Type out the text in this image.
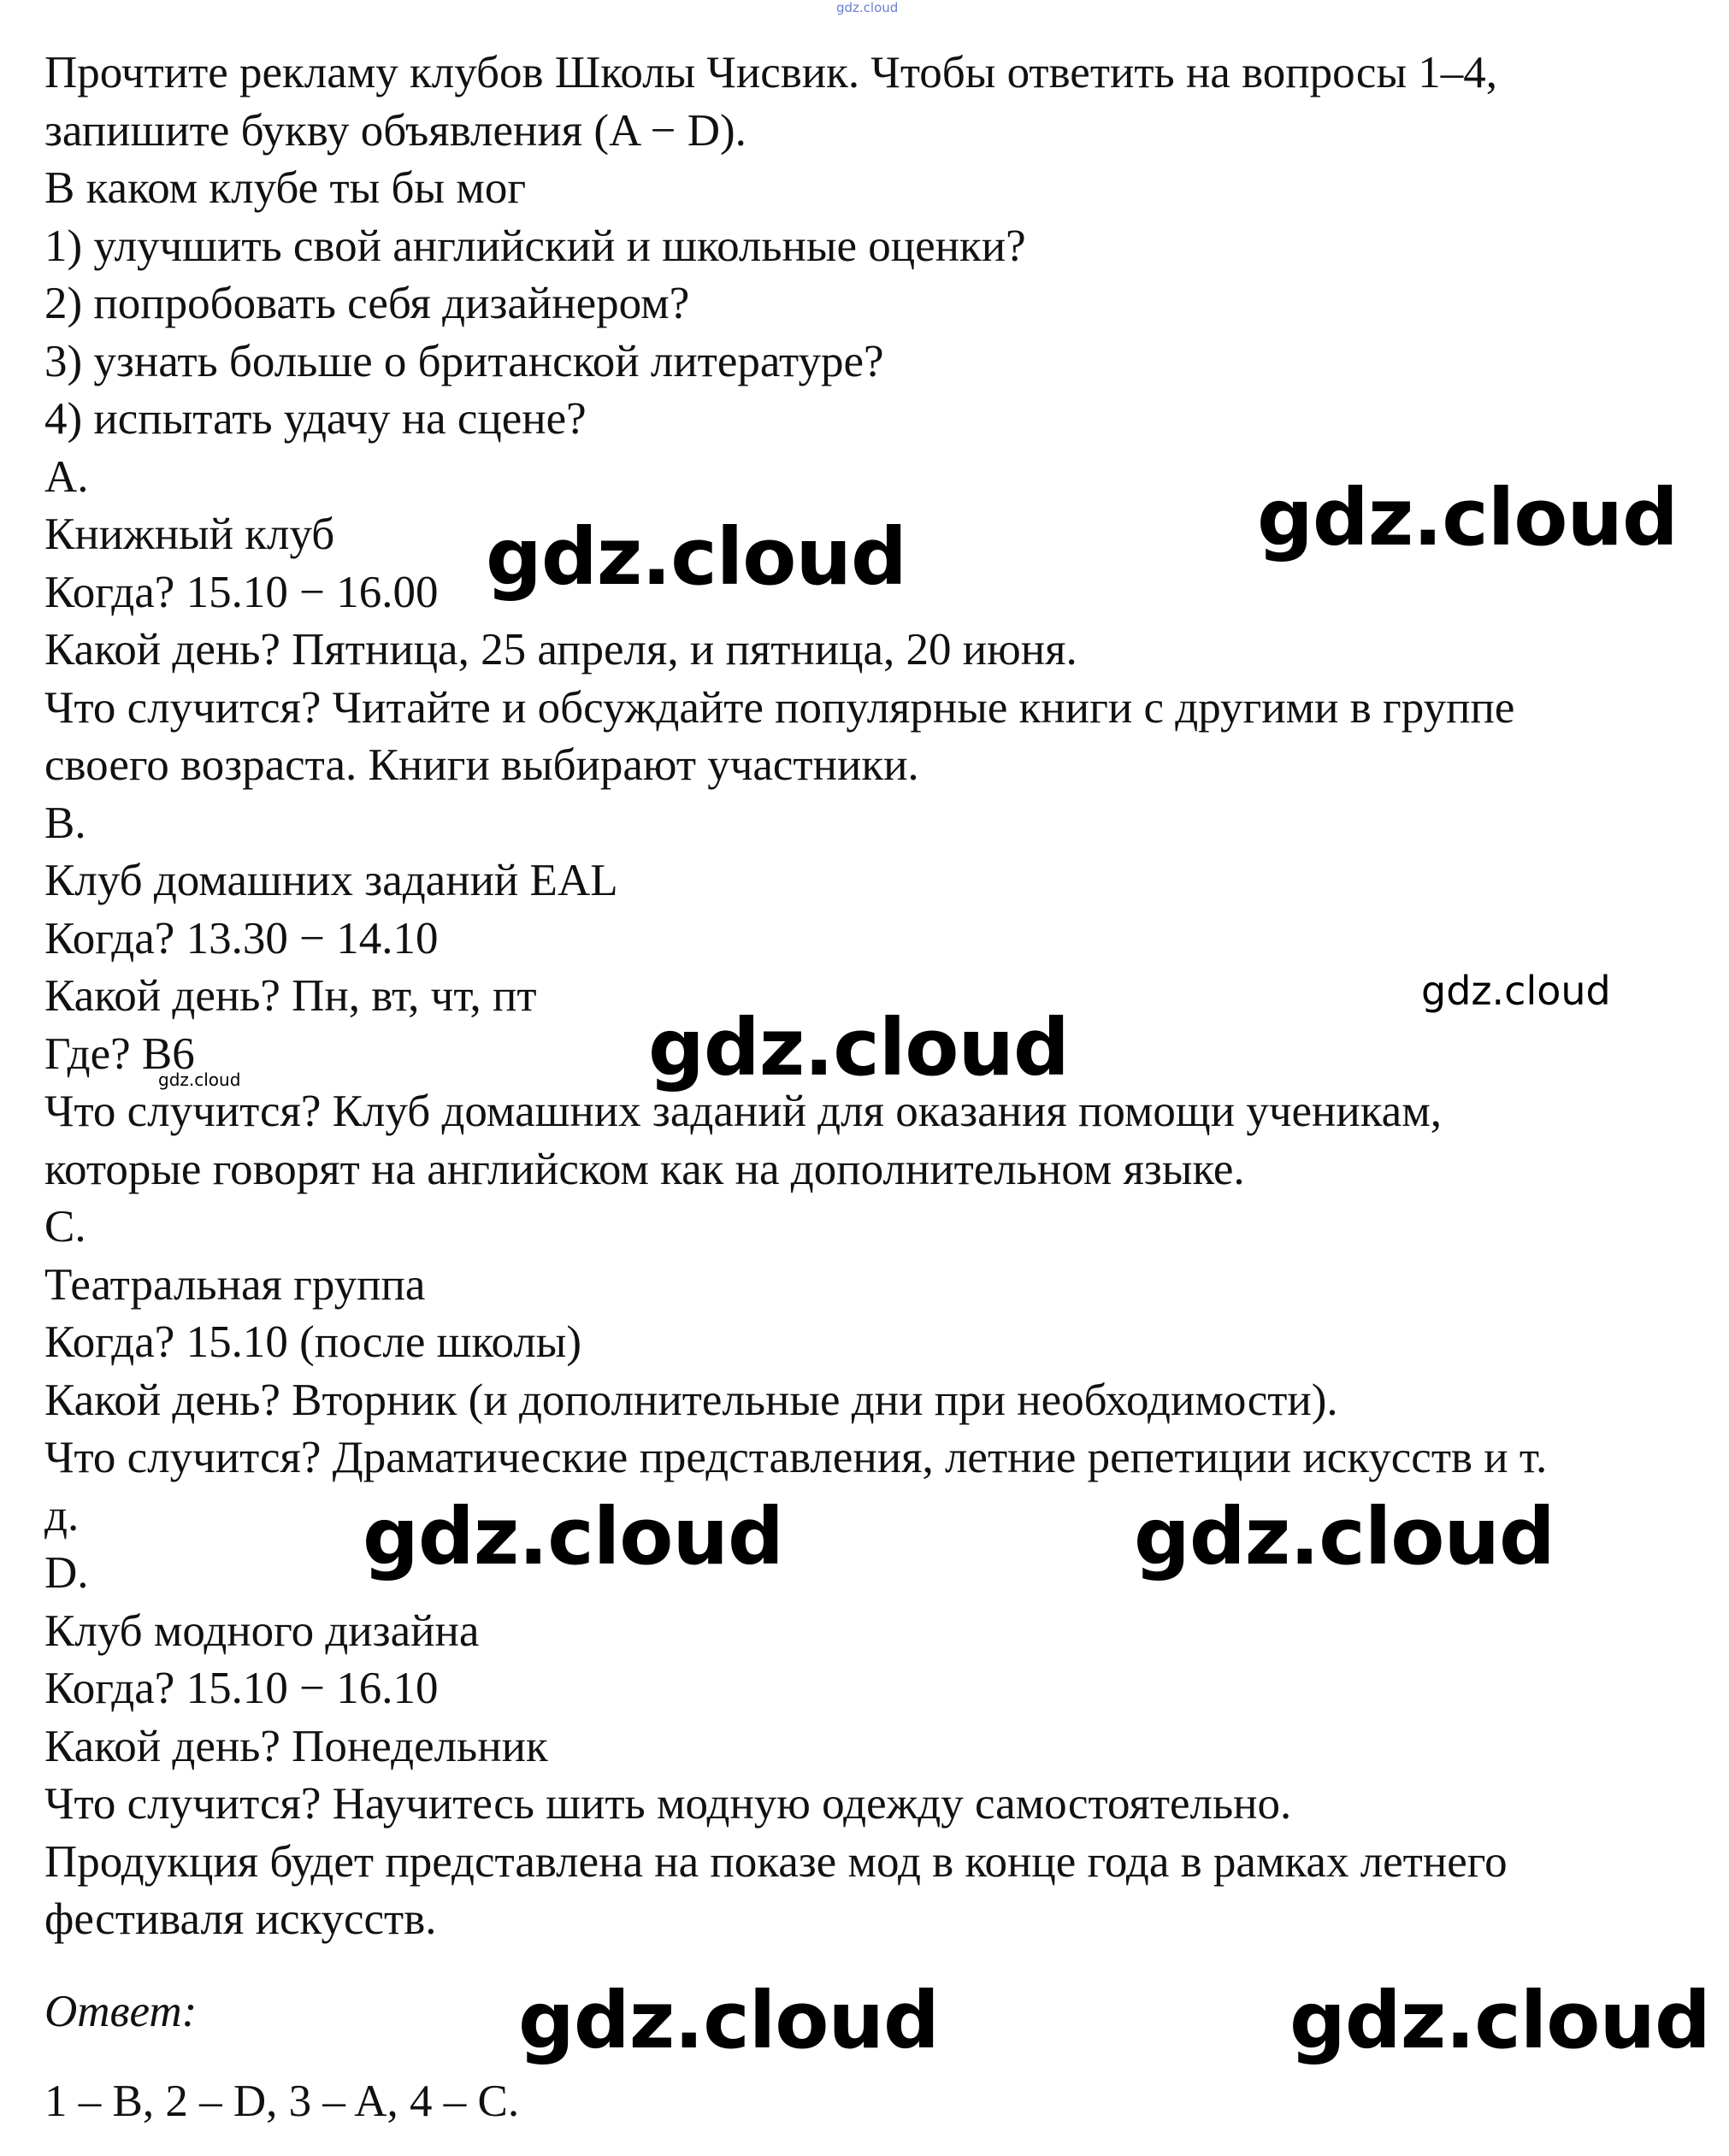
Прочтите рекламу клубов Школы Чисвик. Чтобы ответить на вопросы 1–4,
запишите букву объявления (A − D).
В каком клубе ты бы мог
1) улучшить свой английский и школьные оценки?
2) попробовать себя дизайнером?
3) узнать больше о британской литературе?
4) испытать удачу на сцене?
A.
Книжный клуб
Когда? 15.10 − 16.00
Какой день? Пятница, 25 апреля, и пятница, 20 июня.
Что случится? Читайте и обсуждайте популярные книги с другими в группе
своего возраста. Книги выбирают участники.
B.
Клуб домашних заданий EAL
Когда? 13.30 − 14.10
Какой день? Пн, вт, чт, пт
Где? B6
Что случится? Клуб домашних заданий для оказания помощи ученикам,
которые говорят на английском как на дополнительном языке.
C.
Театральная группа
Когда? 15.10 (после школы)
Какой день? Вторник (и дополнительные дни при необходимости).
Что случится? Драматические представления, летние репетиции искусств и т.
д.
D.
Клуб модного дизайна
Когда? 15.10 − 16.10
Какой день? Понедельник
Что случится? Научитесь шить модную одежду самостоятельно.
Продукция будет представлена на показе мод в конце года в рамках летнего
фестиваля искусств.
Ответ:
1 – B, 2 – D, 3 – A, 4 – C.
gdz.cloud
gdz.cloud
gdz.cloud
gdz.cloud
gdz.cloud
gdz.cloud
gdz.cloud	gdz.cloud
gdz.cloud	gdz.cloud
